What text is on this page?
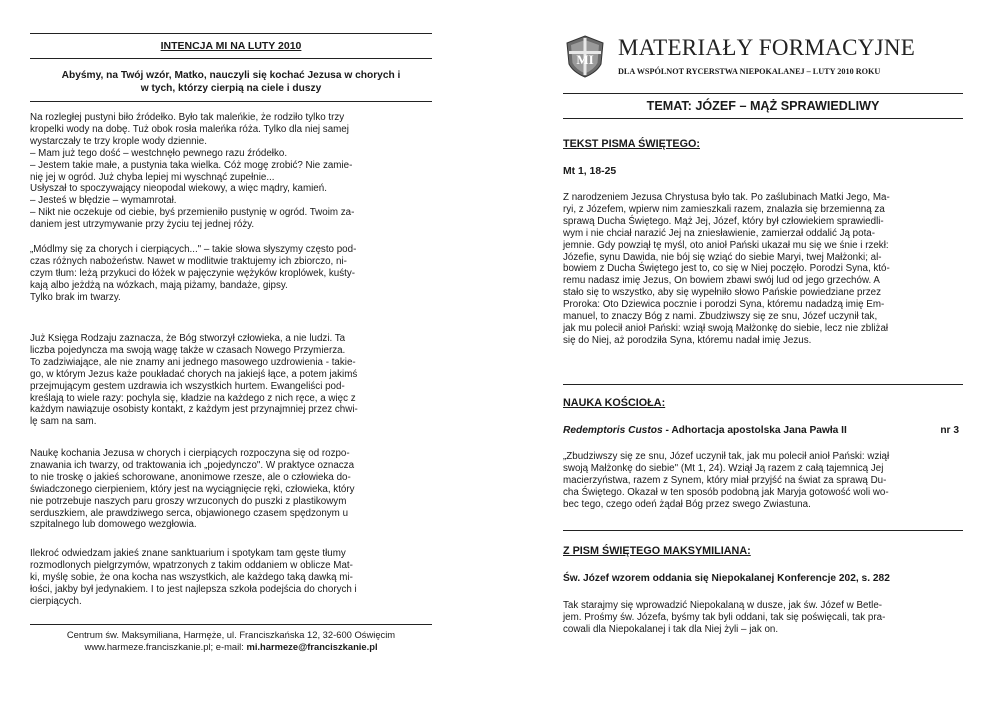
INTENCJA MI NA LUTY 2010
Abyśmy, na Twój wzór, Matko, nauczyli się kochać Jezusa w chorych i
w tych, którzy cierpią na ciele i duszy
Na rozległej pustyni biło źródełko. Było tak maleńkie, że rodziło tylko trzy
kropelki wody na dobę. Tuż obok rosła maleńka róża. Tylko dla niej samej
wystarczały te trzy krople wody dziennie.
– Mam już tego dość – westchnęło pewnego razu źródełko.
– Jestem takie małe, a pustynia taka wielka. Cóż mogę zrobić? Nie zamie-
nię jej w ogród. Już chyba lepiej mi wyschnąć zupełnie...
Usłyszał to spoczywający nieopodal wiekowy, a więc mądry, kamień.
– Jesteś w błędzie – wymamrotał.
– Nikt nie oczekuje od ciebie, byś przemieniło pustynię w ogród. Twoim za-
daniem jest utrzymywanie przy życiu tej jednej róży.
„Módlmy się za chorych i cierpiących..." – takie słowa słyszymy często pod-
czas różnych nabożeństw. Nawet w modlitwie traktujemy ich zbiorczo, ni-
czym tłum: leżą przykuci do łóżek w pajęczynie wężyków kroplówek, kuśty-
kają albo jeżdżą na wózkach, mają piżamy, bandaże, gipsy.
Tylko brak im twarzy.
Już Księga Rodzaju zaznacza, że Bóg stworzył człowieka, a nie ludzi. Ta
liczba pojedyncza ma swoją wagę także w czasach Nowego Przymierza.
To zadziwiające, ale nie znamy ani jednego masowego uzdrowienia - takie-
go, w którym Jezus każe poukładać chorych na jakiejś łące, a potem jakimś
przejmującym gestem uzdrawia ich wszystkich hurtem. Ewangeliści pod-
kreślają to wiele razy: pochyla się, kładzie na każdego z nich ręce, a więc z
każdym nawiązuje osobisty kontakt, z każdym jest przynajmniej przez chwi-
lę sam na sam.
Naukę kochania Jezusa w chorych i cierpiących rozpoczyna się od rozpo-
znawania ich twarzy, od traktowania ich „pojedynczo". W praktyce oznacza
to nie troskę o jakieś schorowane, anonimowe rzesze, ale o człowieka do-
świadczonego cierpieniem, który jest na wyciągnięcie ręki, człowieka, który
nie potrzebuje naszych paru groszy wrzuconych do puszki z plastikowym
serduszkiem, ale prawdziwego serca, objawionego czasem spędzonym u
szpitalnego lub domowego wezgłowia.
Ilekroć odwiedzam jakieś znane sanktuarium i spotykam tam gęste tłumy
rozmodlonych pielgrzymów, wpatrzonych z takim oddaniem w oblicze Mat-
ki, myślę sobie, że ona kocha nas wszystkich, ale każdego taką dawką mi-
łości, jakby był jedynakiem. I to jest najlepsza szkoła podejścia do chorych i
cierpiących.
Centrum św. Maksymiliana, Harmęże, ul. Franciszkańska 12, 32-600 Oświęcim
www.harmeze.franciszkanie.pl; e-mail: mi.harmeze@franciszkanie.pl
MI MATERIAŁY FORMACYJNE
DLA WSPÓLNOT RYCERSTWA NIEPOKALANEJ – LUTY 2010 ROKU
TEMAT: JÓZEF – MĄŻ SPRAWIEDLIWY
TEKST PISMA ŚWIĘTEGO:
Mt 1, 18-25
Z narodzeniem Jezusa Chrystusa było tak. Po zaślubinach Matki Jego, Ma-
ryi, z Józefem, wpierw nim zamieszkali razem, znalazła się brzemienną za
sprawą Ducha Świętego. Mąż Jej, Józef, który był człowiekiem sprawiedli-
wym i nie chciał narazić Jej na zniesławienie, zamierzał oddalić Ją pota-
jemnie. Gdy powziął tę myśl, oto anioł Pański ukazał mu się we śnie i rzekł:
Józefie, synu Dawida, nie bój się wziąć do siebie Maryi, twej Małżonki; al-
bowiem z Ducha Świętego jest to, co się w Niej poczęło. Porodzi Syna, któ-
remu nadasz imię Jezus, On bowiem zbawi swój lud od jego grzechów. A
stało się to wszystko, aby się wypełniło słowo Pańskie powiedziane przez
Proroka: Oto Dziewica pocznie i porodzi Syna, któremu nadadzą imię Em-
manuel, to znaczy Bóg z nami. Zbudziwszy się ze snu, Józef uczynił tak,
jak mu polecił anioł Pański: wziął swoją Małżonkę do siebie, lecz nie zbliżał
się do Niej, aż porodziła Syna, któremu nadał imię Jezus.
NAUKA KOŚCIOŁA:
Redemptoris Custos - Adhortacja apostolska Jana Pawła II	nr 3
„Zbudziwszy się ze snu, Józef uczynił tak, jak mu polecił anioł Pański: wziął
swoją Małżonkę do siebie" (Mt 1, 24). Wziął Ją razem z całą tajemnicą Jej
macierzyństwa, razem z Synem, który miał przyjść na świat za sprawą Du-
cha Świętego. Okazał w ten sposób podobną jak Maryja gotowość woli wo-
bec tego, czego odeń żądał Bóg przez swego Zwiastuna.
Z PISM ŚWIĘTEGO MAKSYMILIANA:
Św. Józef wzorem oddania się Niepokalanej Konferencje 202, s. 282
Tak starajmy się wprowadzić Niepokalaną w dusze, jak św. Józef w Betle-
jem. Prośmy św. Józefa, byśmy tak byli oddani, tak się poświęcali, tak pra-
cowali dla Niepokalanej i tak dla Niej żyli – jak on.
